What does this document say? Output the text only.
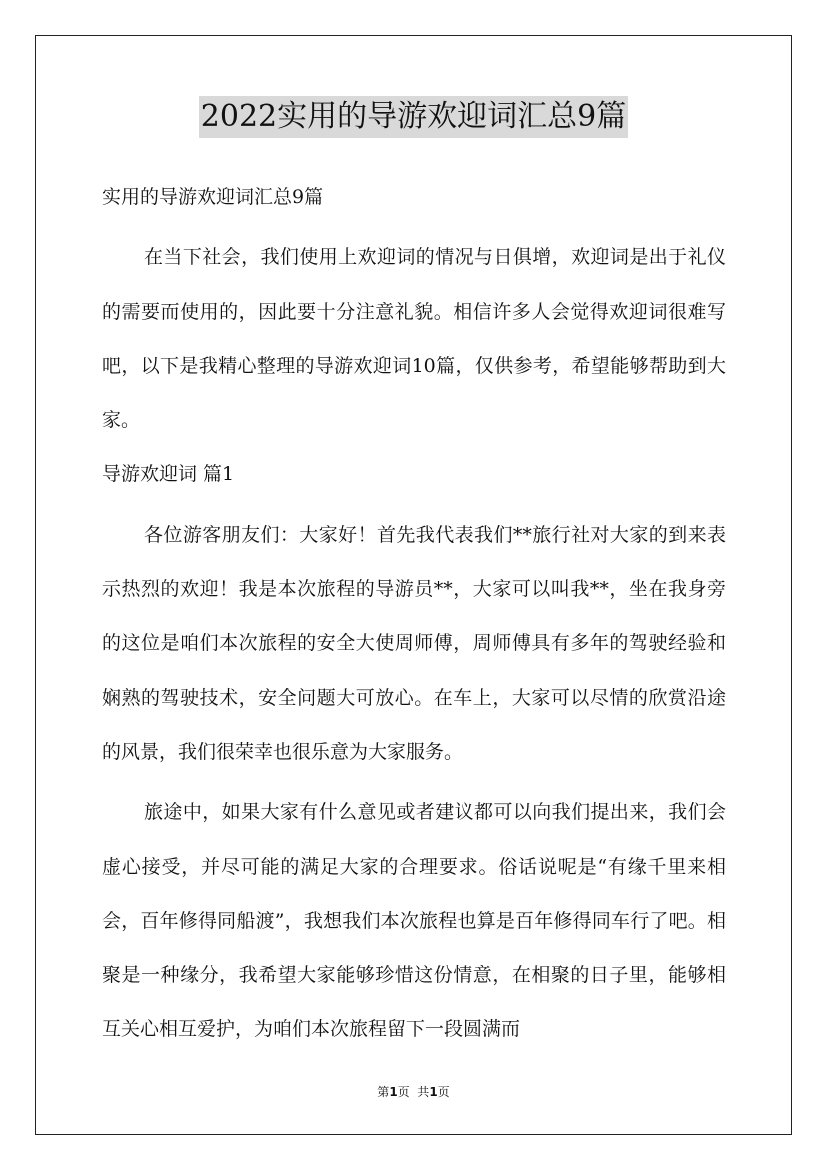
2022实用的导游欢迎词汇总9篇

实用的导游欢迎词汇总9篇

在当下社会，我们使用上欢迎词的情况与日俱增，欢迎词是出于礼仪的需要而使用的，因此要十分注意礼貌。相信许多人会觉得欢迎词很难写吧，以下是我精心整理的导游欢迎词10篇，仅供参考，希望能够帮助到大家。

导游欢迎词 篇1

各位游客朋友们：大家好！首先我代表我们**旅行社对大家的到来表示热烈的欢迎！我是本次旅程的导游员**，大家可以叫我**，坐在我身旁的这位是咱们本次旅程的安全大使周师傅，周师傅具有多年的驾驶经验和娴熟的驾驶技术，安全问题大可放心。在车上，大家可以尽情的欣赏沿途的风景，我们很荣幸也很乐意为大家服务。

旅途中，如果大家有什么意见或者建议都可以向我们提出来，我们会虚心接受，并尽可能的满足大家的合理要求。俗话说呢是“有缘千里来相会，百年修得同船渡”，我想我们本次旅程也算是百年修得同车行了吧。相聚是一种缘分，我希望大家能够珍惜这份情意，在相聚的日子里，能够相互关心相互爱护，为咱们本次旅程留下一段圆满而

第1页  共1页
